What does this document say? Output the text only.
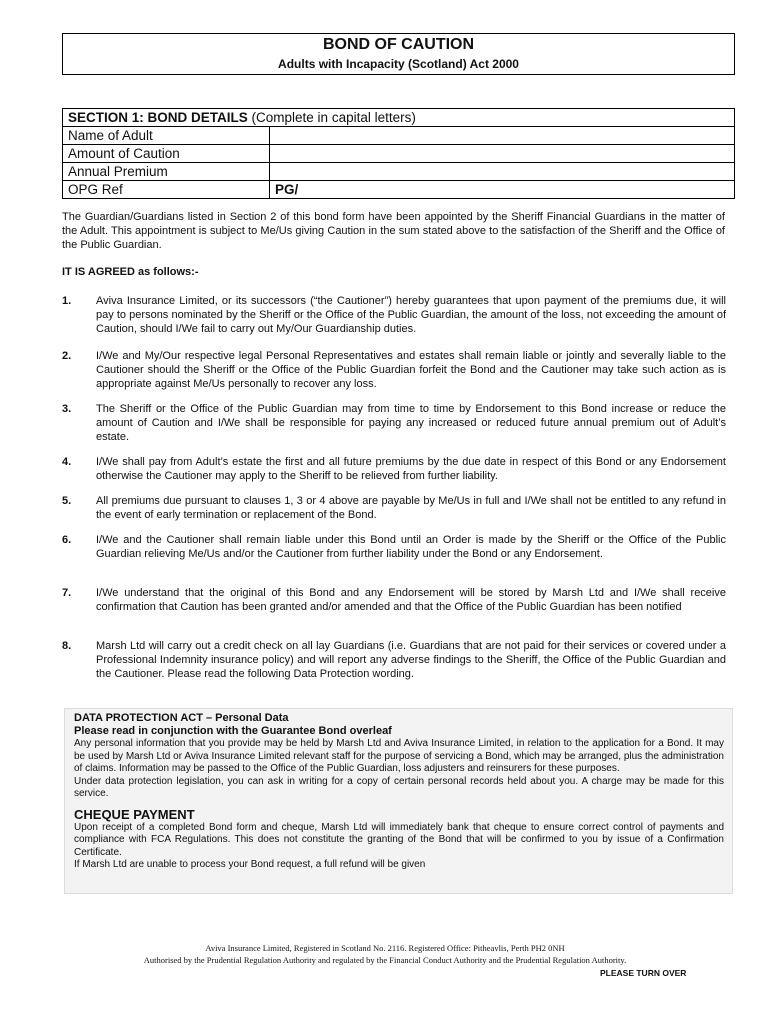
BOND OF CAUTION
Adults with Incapacity (Scotland) Act 2000
SECTION 1: BOND DETAILS (Complete in capital letters)	
Name of Adult	
Amount of Caution	
Annual Premium	
OPG Ref	PG/
The Guardian/Guardians listed in Section 2 of this bond form have been appointed by the Sheriff Financial Guardians in the matter of the Adult. This appointment is subject to Me/Us giving Caution in the sum stated above to the satisfaction of the Sheriff and the Office of the Public Guardian.
IT IS AGREED as follows:-
1. Aviva Insurance Limited, or its successors (“the Cautioner”) hereby guarantees that upon payment of the premiums due, it will pay to persons nominated by the Sheriff or the Office of the Public Guardian, the amount of the loss, not exceeding the amount of Caution, should I/We fail to carry out My/Our Guardianship duties.
2. I/We and My/Our respective legal Personal Representatives and estates shall remain liable or jointly and severally liable to the Cautioner should the Sheriff or the Office of the Public Guardian forfeit the Bond and the Cautioner may take such action as is appropriate against Me/Us personally to recover any loss.
3. The Sheriff or the Office of the Public Guardian may from time to time by Endorsement to this Bond increase or reduce the amount of Caution and I/We shall be responsible for paying any increased or reduced future annual premium out of Adult’s estate.
4. I/We shall pay from Adult’s estate the first and all future premiums by the due date in respect of this Bond or any Endorsement otherwise the Cautioner may apply to the Sheriff to be relieved from further liability.
5. All premiums due pursuant to clauses 1, 3 or 4 above are payable by Me/Us in full and I/We shall not be entitled to any refund in the event of early termination or replacement of the Bond.
6. I/We and the Cautioner shall remain liable under this Bond until an Order is made by the Sheriff or the Office of the Public Guardian relieving Me/Us and/or the Cautioner from further liability under the Bond or any Endorsement.
7. I/We understand that the original of this Bond and any Endorsement will be stored by Marsh Ltd and I/We shall receive confirmation that Caution has been granted and/or amended and that the Office of the Public Guardian has been notified
8. Marsh Ltd will carry out a credit check on all lay Guardians (i.e. Guardians that are not paid for their services or covered under a Professional Indemnity insurance policy) and will report any adverse findings to the Sheriff, the Office of the Public Guardian and the Cautioner. Please read the following Data Protection wording.
DATA PROTECTION ACT – Personal Data
Please read in conjunction with the Guarantee Bond overleaf
Any personal information that you provide may be held by Marsh Ltd and Aviva Insurance Limited, in relation to the application for a Bond. It may be used by Marsh Ltd or Aviva Insurance Limited relevant staff for the purpose of servicing a Bond, which may be arranged, plus the administration of claims. Information may be passed to the Office of the Public Guardian, loss adjusters and reinsurers for these purposes.
Under data protection legislation, you can ask in writing for a copy of certain personal records held about you. A charge may be made for this service.
CHEQUE PAYMENT
Upon receipt of a completed Bond form and cheque, Marsh Ltd will immediately bank that cheque to ensure correct control of payments and compliance with FCA Regulations. This does not constitute the granting of the Bond that will be confirmed to you by issue of a Confirmation Certificate.
If Marsh Ltd are unable to process your Bond request, a full refund will be given
Aviva Insurance Limited, Registered in Scotland No. 2116. Registered Office: Pitheavlis, Perth PH2 0NH
Authorised by the Prudential Regulation Authority and regulated by the Financial Conduct Authority and the Prudential Regulation Authority.
PLEASE TURN OVER
